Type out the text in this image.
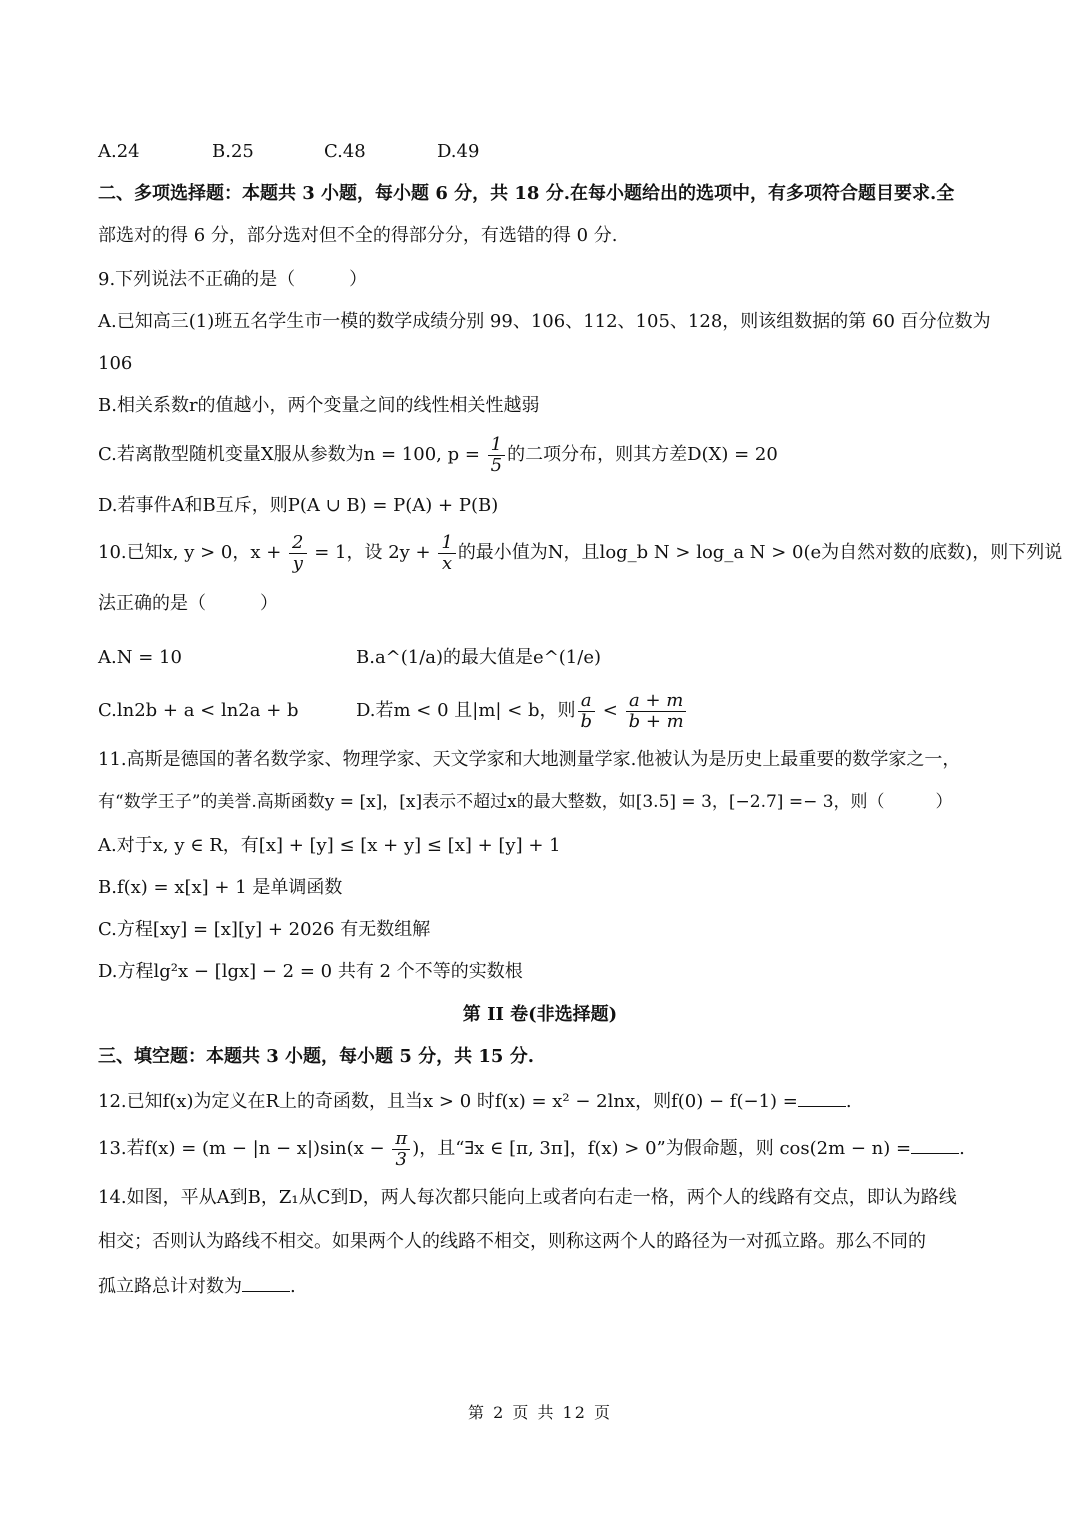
A.24	B.25	C.48	D.49
二、多项选择题：本题共 3 小题，每小题 6 分，共 18 分.在每小题给出的选项中，有多项符合题目要求.全
部选对的得 6 分，部分选对但不全的得部分分，有选错的得 0 分.
9.下列说法不正确的是（　　　）
A.已知高三(1)班五名学生市一模的数学成绩分别 99、106、112、105、128，则该组数据的第 60 百分位数为
106
B.相关系数r的值越小，两个变量之间的线性相关性越弱
C.若离散型随机变量X服从参数为n = 100, $p = \frac{1}{5}$ 的二项分布，则其方差D(X) = 20
D.若事件A和B互斥，则P(A ∪ B) = P(A) + P(B)
10.已知x, y > 0，$x + \frac{2}{y} = 1$，设 $2y + \frac{1}{x}$ 的最小值为N，且log_b N > log_a N > 0(e为自然对数的底数)，则下列说
法正确的是（　　　）
A.N = 10	B.a^(1/a)的最大值是e^(1/e)
C.ln2b + a < ln2a + b	D.若m < 0 且|m| < b，则 $\frac{a}{b} < \frac{a + m}{b + m}$
11.高斯是德国的著名数学家、物理学家、天文学家和大地测量学家.他被认为是历史上最重要的数学家之一，
有“数学王子”的美誉.高斯函数y = [x]，[x]表示不超过x的最大整数，如[3.5] = 3，[−2.7] =− 3，则（　　　）
A.对于x, y ∈ R，有[x] + [y] ≤ [x + y] ≤ [x] + [y] + 1
B.f(x) = x[x] + 1 是单调函数
C.方程[xy] = [x][y] + 2026 有无数组解
D.方程lg²x − [lgx] − 2 = 0 共有 2 个不等的实数根
第 II 卷(非选择题)
三、填空题：本题共 3 小题，每小题 5 分，共 15 分.
12.已知f(x)为定义在R上的奇函数，且当x > 0 时f(x) = x² − 2lnx，则f(0) − f(−1) =	.
13.若$f(x) = (m - |n - x|)\sin(x - \frac{\pi}{3}$ )，且“∃x ∈ [π, 3π]，f(x) > 0”为假命题，则 cos(2m − n) =	.
14.如图，平从A到B，Z₁从C到D，两人每次都只能向上或者向右走一格，两个人的线路有交点，即认为路线
相交；否则认为路线不相交。如果两个人的线路不相交，则称这两个人的路径为一对孤立路。那么不同的
孤立路总计对数为	.
第 2 页 共 12 页
